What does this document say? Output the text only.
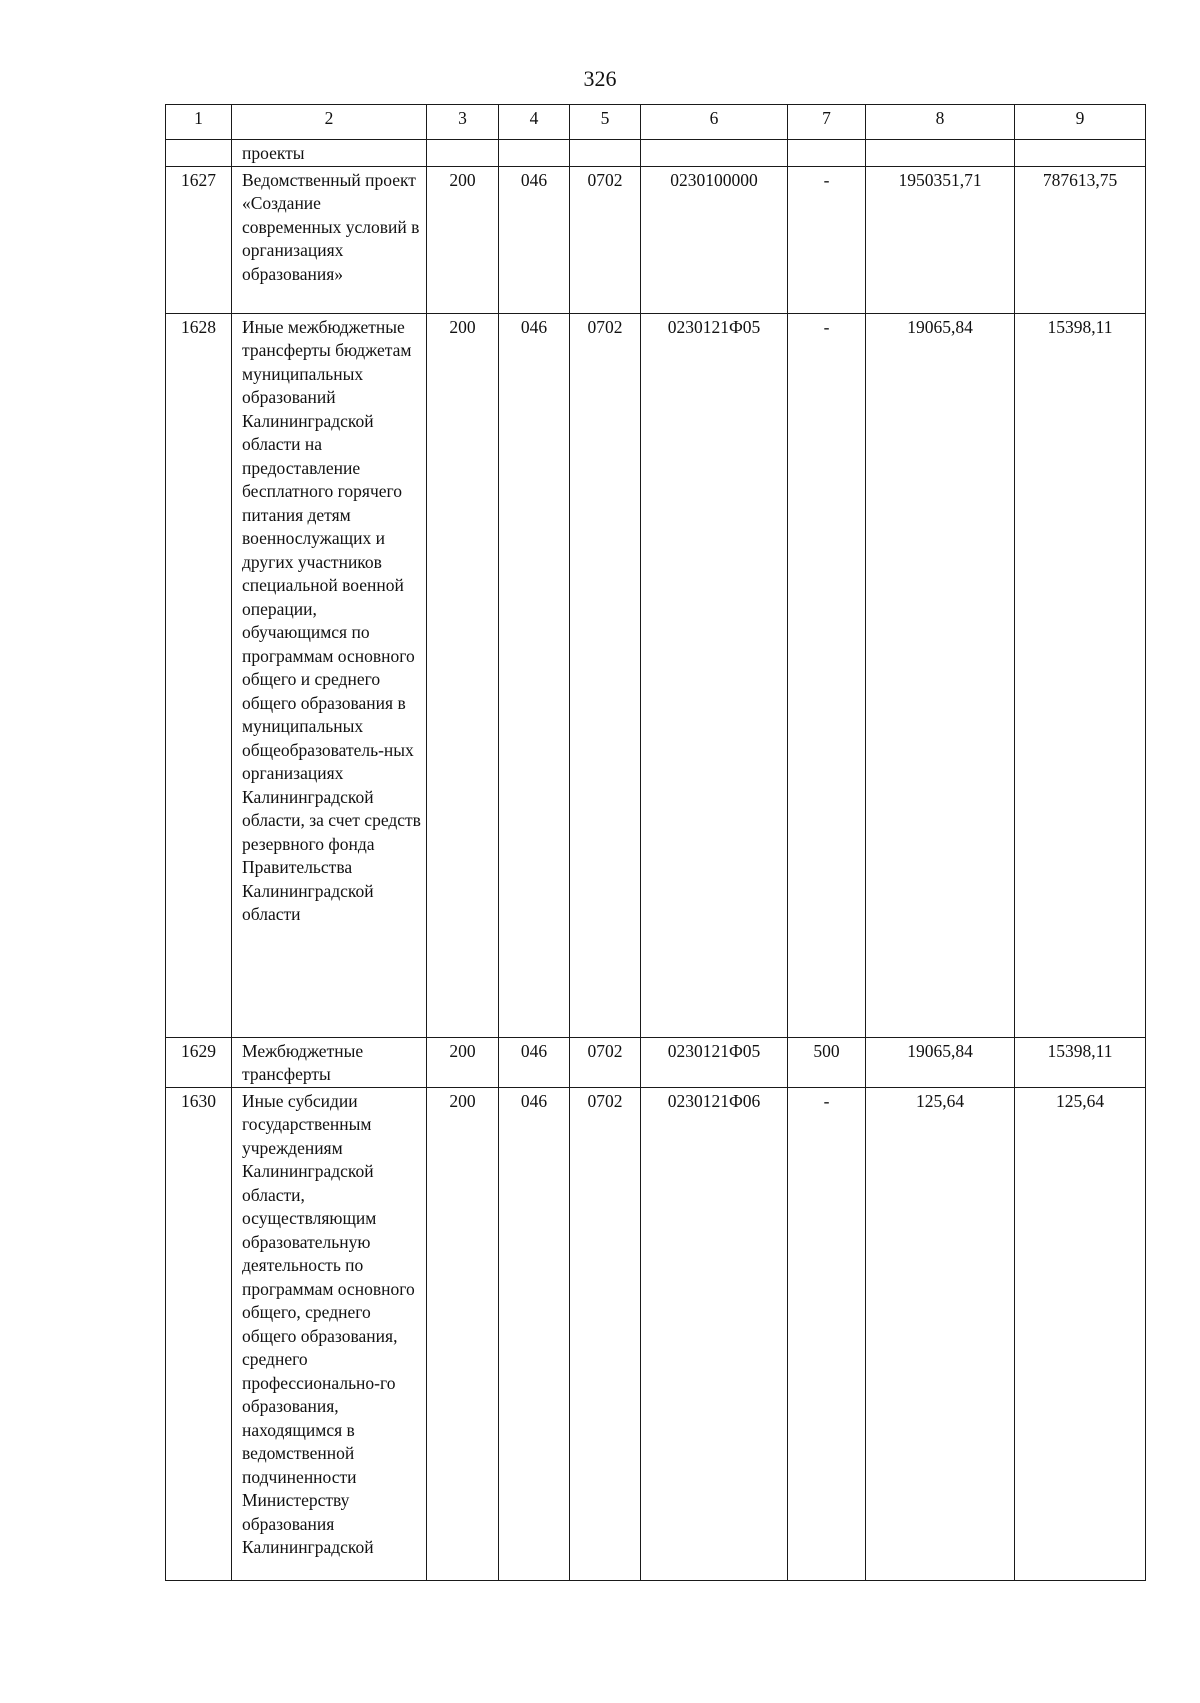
326
1	2	3	4	5	6	7	8	9
	проекты							
1627	Ведомственный проект «Создание современных условий в организациях образования»	200	046	0702	0230100000	-	1950351,71	787613,75
1628	Иные межбюджетные трансферты бюджетам муниципальных образований Калининградской области на предоставление бесплатного горячего питания детям военнослужащих и других участников специальной военной операции, обучающимся по программам основного общего и среднего общего образования в муниципальных общеобразователь-ных организациях Калининградской области, за счет средств резервного фонда Правительства Калининградской области	200	046	0702	0230121Ф05	-	19065,84	15398,11
1629	Межбюджетные трансферты	200	046	0702	0230121Ф05	500	19065,84	15398,11
1630	Иные субсидии государственным учреждениям Калининградской области, осуществляющим образовательную деятельность по программам основного общего, среднего общего образования, среднего профессионально-го образования, находящимся в ведомственной подчиненности Министерству образования Калининградской	200	046	0702	0230121Ф06	-	125,64	125,64
